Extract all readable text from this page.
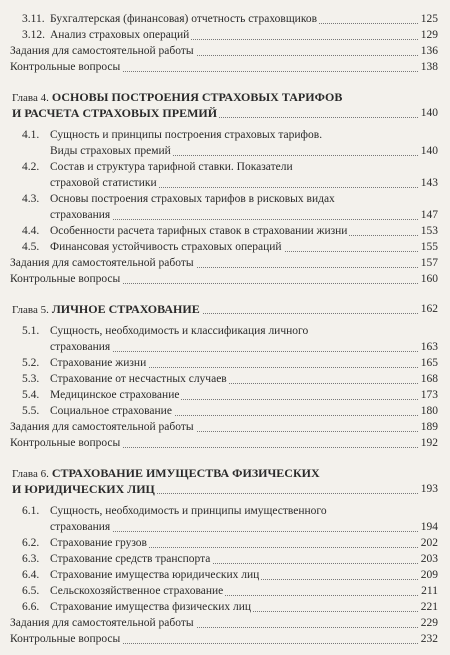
3.11. Бухгалтерская (финансовая) отчетность страховщиков	125
3.12. Анализ страховых операций	129
Задания для самостоятельной работы	136
Контрольные вопросы	138
Глава 4. ОСНОВЫ ПОСТРОЕНИЯ СТРАХОВЫХ ТАРИФОВ
И РАСЧЕТА СТРАХОВЫХ ПРЕМИЙ	140
4.1. Сущность и принципы построения страховых тарифов.
Виды страховых премий	140
4.2. Состав и структура тарифной ставки. Показатели
страховой статистики	143
4.3. Основы построения страховых тарифов в рисковых видах
страхования	147
4.4. Особенности расчета тарифных ставок в страховании жизни	153
4.5. Финансовая устойчивость страховых операций	155
Задания для самостоятельной работы	157
Контрольные вопросы	160
Глава 5. ЛИЧНОЕ СТРАХОВАНИЕ	162
5.1. Сущность, необходимость и классификация личного
страхования	163
5.2. Страхование жизни	165
5.3. Страхование от несчастных случаев	168
5.4. Медицинское страхование	173
5.5. Социальное страхование	180
Задания для самостоятельной работы	189
Контрольные вопросы	192
Глава 6. СТРАХОВАНИЕ ИМУЩЕСТВА ФИЗИЧЕСКИХ
И ЮРИДИЧЕСКИХ ЛИЦ	193
6.1. Сущность, необходимость и принципы имущественного
страхования	194
6.2. Страхование грузов	202
6.3. Страхование средств транспорта	203
6.4. Страхование имущества юридических лиц	209
6.5. Сельскохозяйственное страхование	211
6.6. Страхование имущества физических лиц	221
Задания для самостоятельной работы	229
Контрольные вопросы	232
